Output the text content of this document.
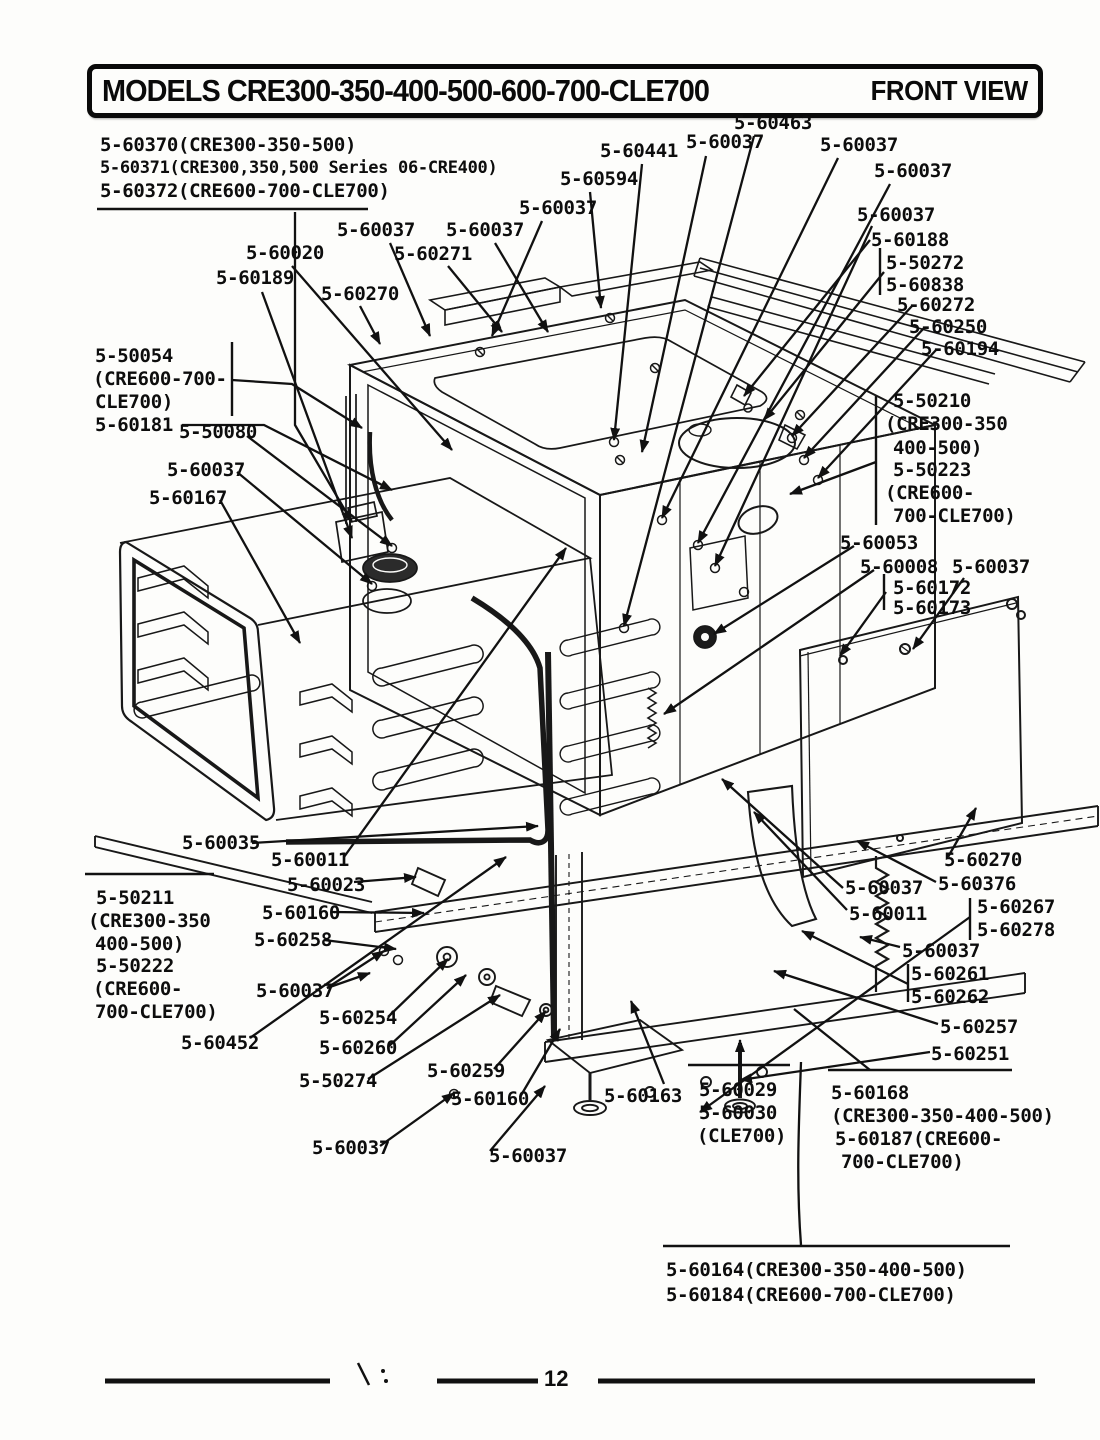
MODELS CRE300-350-400-500-600-700-CLE700	FRONT VIEW
5-60370(CRE300-350-500)
5-60371(CRE300,350,500 Series 06-CRE400)
5-60372(CRE600-700-CLE700)
5-60020
5-60189
5-60270
5-60037
5-60271
5-60037
5-60037
5-60594
5-60441 5-60037
5-60463
5-60037
5-60037
5-60037
5-60188
5-50272
5-60838
5-60272
5-60250
5-60194
5-50210
(CRE300-350
400-500)
5-50223
(CRE600-
700-CLE700)
5-60053
5-60008 5-60037
5-60172
5-60173
5-50054
(CRE600-700-
CLE700)
5-60181 5-50080
5-60037
5-60167
5-60035
5-60011
5-60023
5-60160
5-60258
5-50211
(CRE300-350
400-500)
5-50222
(CRE600-
700-CLE700)
5-60037
5-60452
5-60254
5-60260
5-50274	5-60259
5-60160
5-60037	5-60037
5-60163 5-60029
5-60030
(CLE700)
5-60168
(CRE300-350-400-500)
5-60187(CRE600-
700-CLE700)
5-60270
5-60376
5-60037
5-60011	5-60267
5-60278
5-60037
5-60261
5-60262
5-60257
5-60251
5-60164(CRE300-350-400-500)
5-60184(CRE600-700-CLE700)
12
